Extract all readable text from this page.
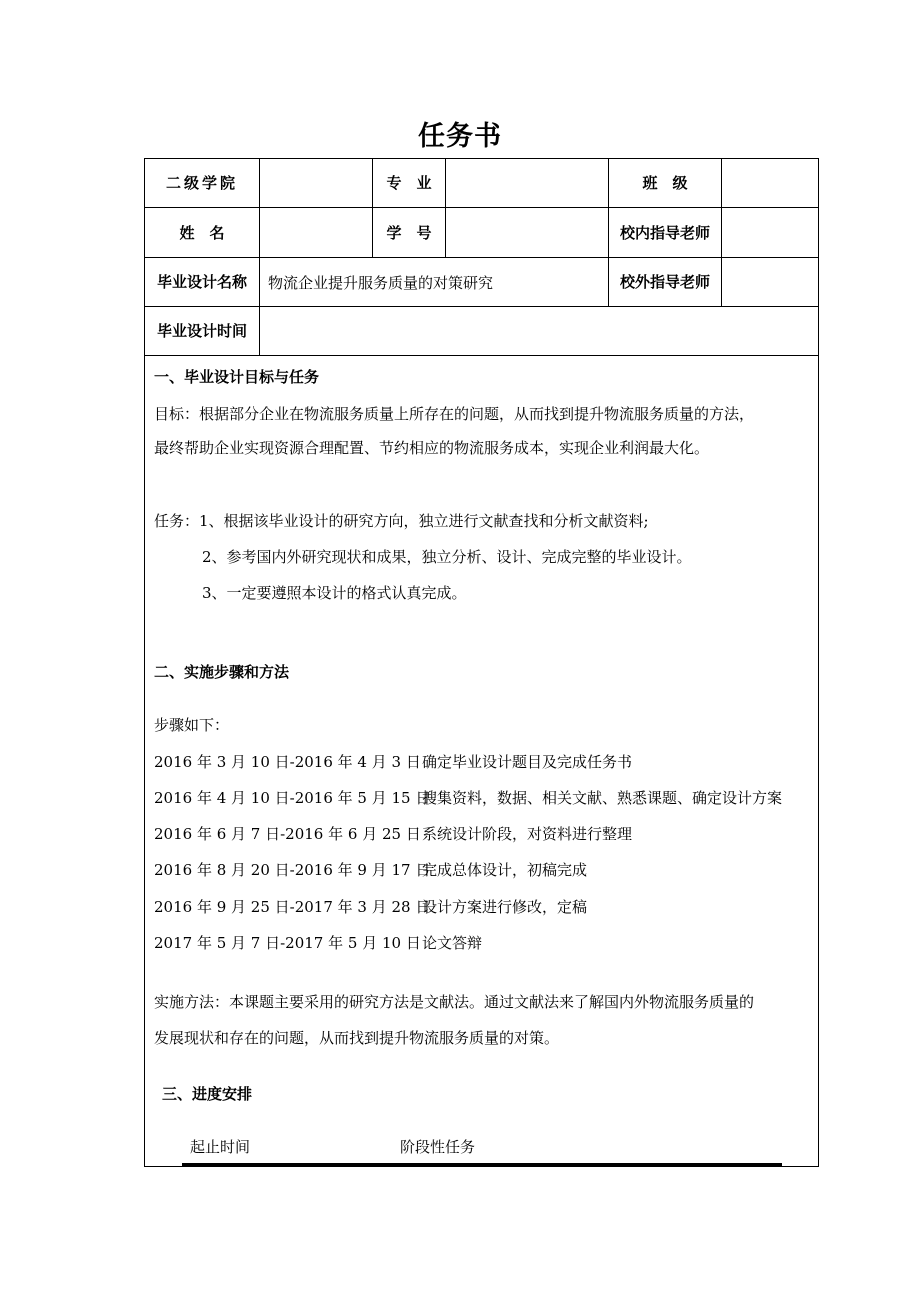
任务书
二级学院	专　业	班　级
姓　名	学　号	校内指导老师
毕业设计名称	物流企业提升服务质量的对策研究	校外指导老师
毕业设计时间
一、毕业设计目标与任务
目标：根据部分企业在物流服务质量上所存在的问题，从而找到提升物流服务质量的方法，
最终帮助企业实现资源合理配置、节约相应的物流服务成本，实现企业利润最大化。
任务：1、根据该毕业设计的研究方向，独立进行文献查找和分析文献资料;
2、参考国内外研究现状和成果，独立分析、设计、完成完整的毕业设计。
3、一定要遵照本设计的格式认真完成。
二、实施步骤和方法
步骤如下：
2016 年 3 月 10 日-2016 年 4 月 3 日 确定毕业设计题目及完成任务书
2016 年 4 月 10 日-2016 年 5 月 15 日
搜集资料，数据、相关文献、熟悉课题、确定设计方案
2016 年 6 月 7 日-2016 年 6 月 25 日 系统设计阶段，对资料进行整理
2016 年 8 月 20 日-2016 年 9 月 17 日
完成总体设计，初稿完成
2016 年 9 月 25 日-2017 年 3 月 28 日
设计方案进行修改，定稿
2017 年 5 月 7 日-2017 年 5 月 10 日 论文答辩
实施方法：本课题主要采用的研究方法是文献法。通过文献法来了解国内外物流服务质量的
发展现状和存在的问题，从而找到提升物流服务质量的对策。
三、进度安排
起止时间	阶段性任务
